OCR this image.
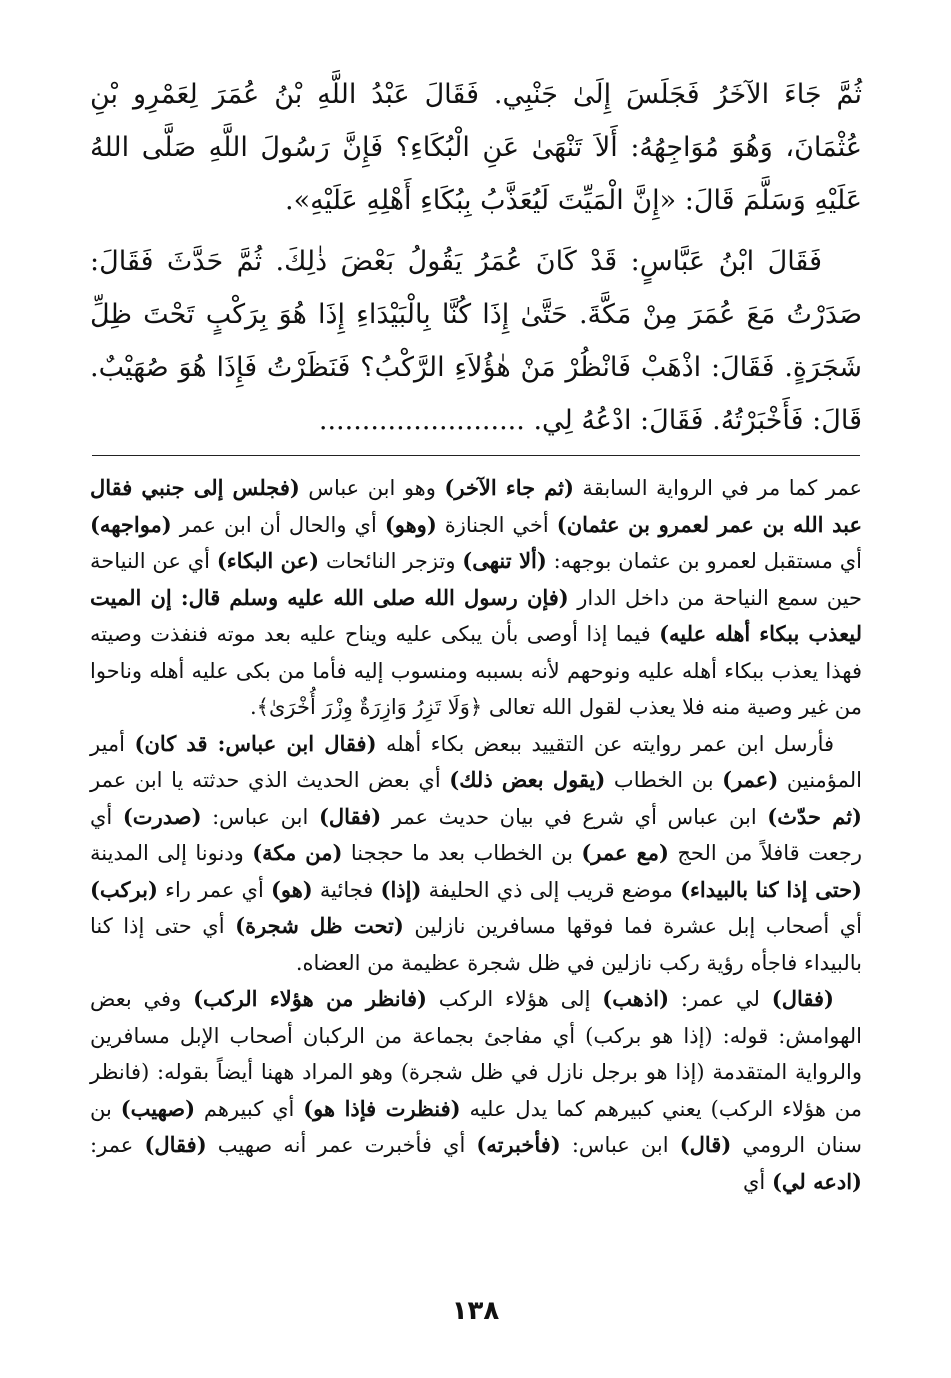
ثُمَّ جَاءَ الآخَرُ فَجَلَسَ إِلَىٰ جَنْبِي. فَقَالَ عَبْدُ اللَّهِ بْنُ عُمَرَ لِعَمْرِو بْنِ عُثْمَانَ، وَهُوَ مُوَاجِهُهُ: أَلاَ تَنْهَىٰ عَنِ الْبُكَاءِ؟ فَإِنَّ رَسُولَ اللَّهِ صَلَّى اللهُ عَلَيْهِ وَسَلَّمَ قَالَ: «إِنَّ الْمَيِّتَ لَيُعَذَّبُ بِبُكَاءِ أَهْلِهِ عَلَيْهِ».

فَقَالَ ابْنُ عَبَّاسٍ: قَدْ كَانَ عُمَرُ يَقُولُ بَعْضَ ذٰلِكَ. ثُمَّ حَدَّثَ فَقَالَ: صَدَرْتُ مَعَ عُمَرَ مِنْ مَكَّةَ. حَتَّىٰ إِذَا كُنَّا بِالْبَيْدَاءِ إِذَا هُوَ بِرَكْبٍ تَحْتَ ظِلِّ شَجَرَةٍ. فَقَالَ: اذْهَبْ فَانْظُرْ مَنْ هٰؤُلاَءِ الرَّكْبُ؟ فَنَظَرْتُ فَإِذَا هُوَ صُهَيْبٌ. قَالَ: فَأَخْبَرْتُهُ. فَقَالَ: ادْعُهُ لِي. ........................

عمر كما مر في الرواية السابقة (ثم جاء الآخر) وهو ابن عباس (فجلس إلى جنبي فقال عبد الله بن عمر لعمرو بن عثمان) أخي الجنازة (وهو) أي والحال أن ابن عمر (مواجهه) أي مستقبل لعمرو بن عثمان بوجهه: (ألا تنهى) وتزجر النائحات (عن البكاء) أي عن النياحة حين سمع النياحة من داخل الدار (فإن رسول الله صلى الله عليه وسلم قال: إن الميت ليعذب ببكاء أهله عليه) فيما إذا أوصى بأن يبكى عليه ويناح عليه بعد موته فنفذت وصيته فهذا يعذب ببكاء أهله عليه ونوحهم لأنه بسببه ومنسوب إليه فأما من بكى عليه أهله وناحوا من غير وصية منه فلا يعذب لقول الله تعالى ﴿وَلَا تَزِرُ وَازِرَةٌ وِزْرَ أُخْرَىٰ﴾.

فأرسل ابن عمر روايته عن التقييد ببعض بكاء أهله (فقال ابن عباس: قد كان) أمير المؤمنين (عمر) بن الخطاب (يقول بعض ذلك) أي بعض الحديث الذي حدثته يا ابن عمر (ثم حدّث) ابن عباس أي شرع في بيان حديث عمر (فقال) ابن عباس: (صدرت) أي رجعت قافلاً من الحج (مع عمر) بن الخطاب بعد ما حججنا (من مكة) ودنونا إلى المدينة (حتى إذا كنا بالبيداء) موضع قريب إلى ذي الحليفة (إذا) فجائية (هو) أي عمر راء (بركب) أي أصحاب إبل عشرة فما فوقها مسافرين نازلين (تحت ظل شجرة) أي حتى إذا كنا بالبيداء فاجأه رؤية ركب نازلين في ظل شجرة عظيمة من العضاه.

(فقال) لي عمر: (اذهب) إلى هؤلاء الركب (فانظر من هؤلاء الركب) وفي بعض الهوامش: قوله: (إذا هو بركب) أي مفاجئ بجماعة من الركبان أصحاب الإبل مسافرين والرواية المتقدمة (إذا هو برجل نازل في ظل شجرة) وهو المراد ههنا أيضاً بقوله: (فانظر من هؤلاء الركب) يعني كبيرهم كما يدل عليه (فنظرت فإذا هو) أي كبيرهم (صهيب) بن سنان الرومي (قال) ابن عباس: (فأخبرته) أي فأخبرت عمر أنه صهيب (فقال) عمر: (ادعه لي) أي

١٣٨
